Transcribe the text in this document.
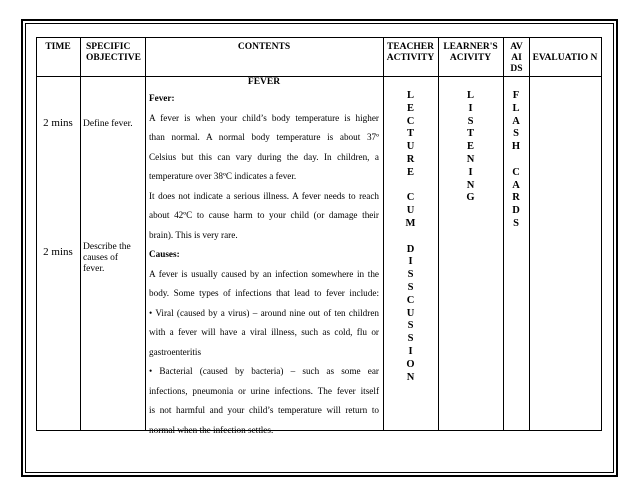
TIME	SPECIFIC OBJECTIVE
CONTENTS	TEACHER ACTIVITY
LEARNER'S ACIVITY
AV AI DS
EVALUATIO N
2 mins
2 mins
Define fever.
Describe the causes of fever.
FEVER

Fever:

A fever is when your child’s body temperature is higher

than normal. A normal body temperature is about 37º

Celsius but this can vary during the day. In children, a

temperature over 38ºC indicates a fever.

It does not indicate a serious illness. A fever needs to reach

about 42ºC to cause harm to your child (or damage their

brain). This is very rare.

Causes:

A fever is usually caused by an infection somewhere in the

body. Some types of infections that lead to fever include:

• Viral (caused by a virus) – around nine out of ten children

with a fever will have a viral illness, such as cold, flu or

gastroenteritis

• Bacterial (caused by bacteria) – such as some ear

infections, pneumonia or urine infections. The fever itself

is not harmful and your child’s temperature will return to

normal when the infection settles.

L
E
C
T
U
R
E

C
U
M

D
I
S
S
C
U
S
S
I
O
N
L
I
S
T
E
N
I
N
G
F
L
A
S
H

C
A
R
D
S
